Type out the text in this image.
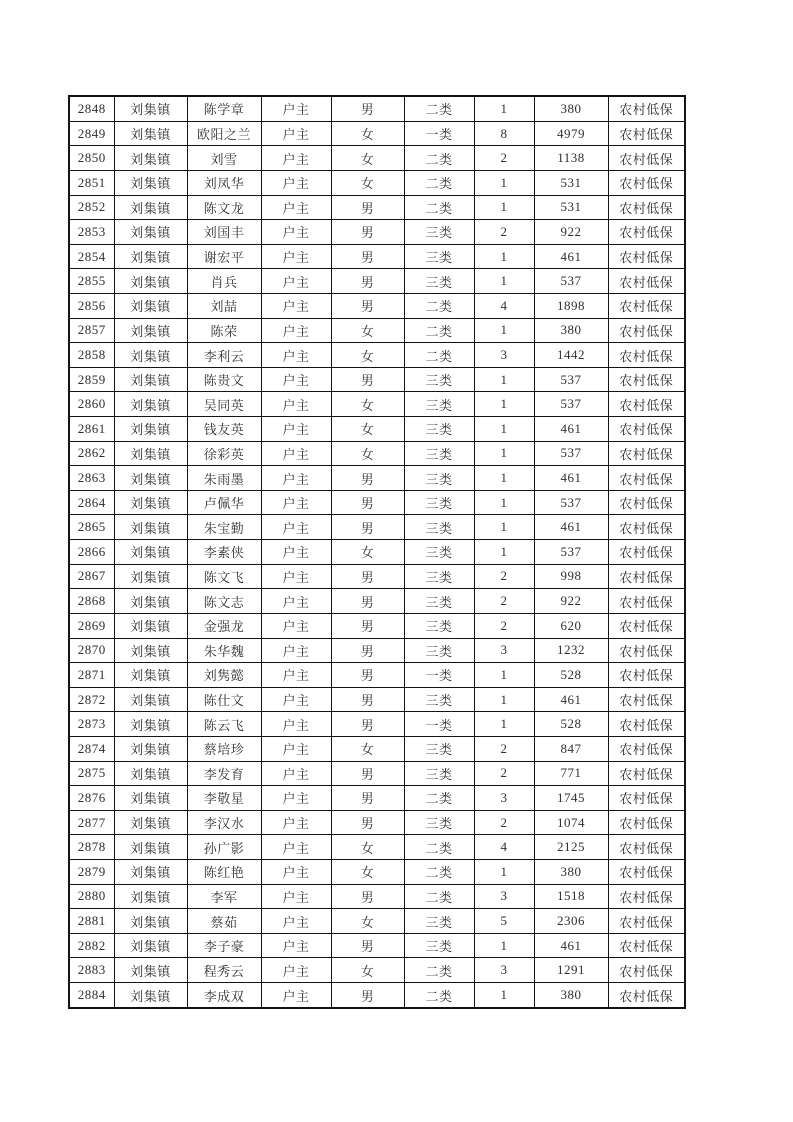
2848	刘集镇	陈学章	户主	男	二类	1	380	农村低保
2849	刘集镇	欧阳之兰	户主	女	一类	8	4979	农村低保
2850	刘集镇	刘雪	户主	女	二类	2	1138	农村低保
2851	刘集镇	刘凤华	户主	女	二类	1	531	农村低保
2852	刘集镇	陈文龙	户主	男	二类	1	531	农村低保
2853	刘集镇	刘国丰	户主	男	三类	2	922	农村低保
2854	刘集镇	谢宏平	户主	男	三类	1	461	农村低保
2855	刘集镇	肖兵	户主	男	三类	1	537	农村低保
2856	刘集镇	刘喆	户主	男	二类	4	1898	农村低保
2857	刘集镇	陈荣	户主	女	二类	1	380	农村低保
2858	刘集镇	李利云	户主	女	二类	3	1442	农村低保
2859	刘集镇	陈贵文	户主	男	三类	1	537	农村低保
2860	刘集镇	吴同英	户主	女	三类	1	537	农村低保
2861	刘集镇	钱友英	户主	女	三类	1	461	农村低保
2862	刘集镇	徐彩英	户主	女	三类	1	537	农村低保
2863	刘集镇	朱雨墨	户主	男	三类	1	461	农村低保
2864	刘集镇	卢佩华	户主	男	三类	1	537	农村低保
2865	刘集镇	朱宝勤	户主	男	三类	1	461	农村低保
2866	刘集镇	李素侠	户主	女	三类	1	537	农村低保
2867	刘集镇	陈文飞	户主	男	三类	2	998	农村低保
2868	刘集镇	陈文志	户主	男	三类	2	922	农村低保
2869	刘集镇	金强龙	户主	男	三类	2	620	农村低保
2870	刘集镇	朱华魏	户主	男	三类	3	1232	农村低保
2871	刘集镇	刘隽懿	户主	男	一类	1	528	农村低保
2872	刘集镇	陈仕文	户主	男	三类	1	461	农村低保
2873	刘集镇	陈云飞	户主	男	一类	1	528	农村低保
2874	刘集镇	蔡培珍	户主	女	三类	2	847	农村低保
2875	刘集镇	李发育	户主	男	三类	2	771	农村低保
2876	刘集镇	李敬星	户主	男	二类	3	1745	农村低保
2877	刘集镇	李汉水	户主	男	三类	2	1074	农村低保
2878	刘集镇	孙广影	户主	女	二类	4	2125	农村低保
2879	刘集镇	陈红艳	户主	女	二类	1	380	农村低保
2880	刘集镇	李军	户主	男	二类	3	1518	农村低保
2881	刘集镇	蔡茹	户主	女	三类	5	2306	农村低保
2882	刘集镇	李子豪	户主	男	三类	1	461	农村低保
2883	刘集镇	程秀云	户主	女	二类	3	1291	农村低保
2884	刘集镇	李成双	户主	男	二类	1	380	农村低保
